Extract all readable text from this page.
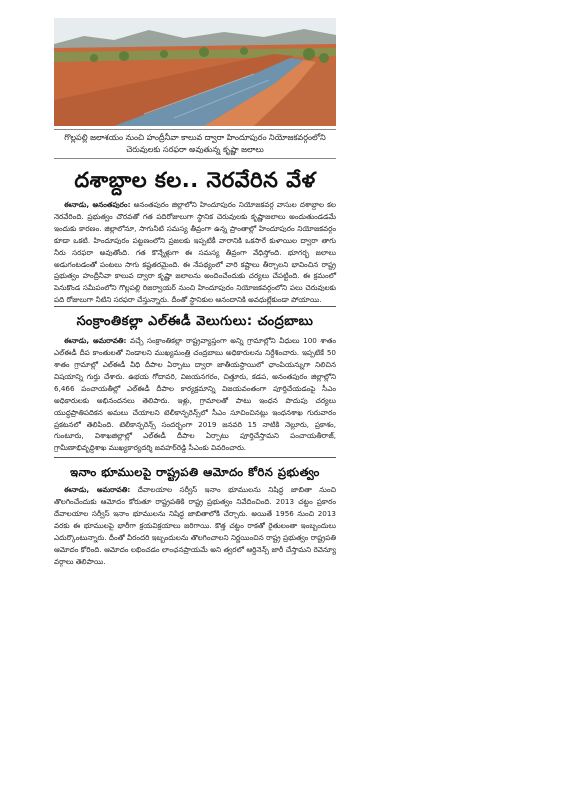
గొల్లపల్లి జలాశయం నుంచి హంద్రీనీవా కాలువ ద్వారా హిందూపురం నియోజకవర్గంలోని చెరువులకు సరఫరా అవుతున్న కృష్ణా జలాలు
దశాబ్దాల కల.. నెరవేరిన వేళ
ఈనాడు, అనంతపురం: అనంతపురం జిల్లాలోని హిందూపురం నియోజకవర్గ వాసుల దశాబ్దాల కల నెరవేరింది. ప్రభుత్వం చొరవతో గత పదిరోజులుగా స్థానిక చెరువులకు కృష్ణాజలాలు అందుతుండడమే ఇందుకు కారణం. జిల్లాలోనూ, సాగునీటి సమస్య తీవ్రంగా ఉన్న ప్రాంతాల్లో హిందూపురం నియోజకవర్గం కూడా ఒకటి. హిందూపురం పట్టణంలోని ప్రజలకు ఇప్పటికీ వారానికి ఒకసారే కుళాయిల ద్వారా తాగు నీరు సరఫరా అవుతోంది. గత కొన్నేళ్లుగా ఈ సమస్య తీవ్రంగా వేధిస్తోంది. భూగర్భ జలాలు అడుగంటడంతో పంటలు సాగు కష్టతరమైంది. ఈ నేపథ్యంలో వారి కష్టాలు తీర్చాలని భావించిన రాష్ట్ర ప్రభుత్వం హంద్రీనీవా కాలువ ద్వారా కృష్ణా జలాలను అందించేందుకు చర్యలు చేపట్టింది. ఈ క్రమంలో పెనుకొండ సమీపంలోని గొల్లపల్లి రిజర్వాయర్ నుంచి హిందూపురం నియోజకవర్గంలోని పలు చెరువులకు పది రోజులుగా నీటిని సరఫరా చేస్తున్నారు. దీంతో స్థానికుల ఆనందానికి అవధుల్లేకుండా పోయాయి.
సంక్రాంతికల్లా ఎల్‌ఈడీ వెలుగులు: చంద్రబాబు
ఈనాడు, అమరావతి: వచ్చే సంక్రాంతికల్లా రాష్ట్రవ్యాప్తంగా అన్ని గ్రామాల్లోని వీధులు 100 శాతం ఎల్‌ఈడీ దీప కాంతులతో నిండాలని ముఖ్యమంత్రి చంద్రబాబు అధికారులను నిర్దేశించారు. ఇప్పటికే 50 శాతం గ్రామాల్లో ఎల్‌ఈడీ వీధి దీపాల ఏర్పాటు ద్వారా జాతీయస్థాయిలో ఛాంపియన్నుగా నిలిచిన విషయాన్ని గుర్తు చేశారు. ఉభయ గోదావరి, విజయనగరం, చిత్తూరు, కడప, అనంతపురం జిల్లాల్లోని 6,466 పంచాయతీల్లో ఎల్‌ఈడీ దీపాల కార్యక్రమాన్ని విజయవంతంగా పూర్తిచేయడంపై సీఎం అధికారులకు అభినందనలు తెలిపారు. ఇళ్లు, గ్రామాలతో పాటు ఇంధన పొదుపు చర్యలు యుద్ధప్రాతిపదికన అమలు చేయాలని టెలీకాన్ఫరెన్స్‌లో సీఎం సూచించినట్లు ఇంధనశాఖ గురువారం ప్రకటనలో తెలిపింది. టెలీకాన్ఫరెన్స్ సందర్భంగా 2019 జనవరి 15 నాటికి నెల్లూరు, ప్రకాశం, గుంటూరు, విశాఖజిల్లాల్లో ఎల్‌ఈడీ దీపాల ఏర్పాటు పూర్తిచేస్తామని పంచాయతీరాజ్, గ్రామీణాభివృద్ధిశాఖ ముఖ్యకార్యదర్శి జవహర్‌రెడ్డి సీఎంకు వివరించారు.
ఇనాం భూములపై రాష్ట్రపతి ఆమోదం కోరిన ప్రభుత్వం
ఈనాడు, అమరావతి: దేవాలయాల సర్వీస్ ఇనాం భూములను నిషిద్ధ జాబితా నుంచి తొలగించేందుకు ఆమోదం కోరుతూ రాష్ట్రపతికి రాష్ట్ర ప్రభుత్వం నివేదించింది. 2013 చట్టం ప్రకారం దేవాలయాల సర్వీస్ ఇనాం భూములను నిషిద్ధ జాబితాలోకి చేర్చారు. అయితే 1956 నుంచి 2013 వరకు ఈ భూములపై భారీగా క్రయవిక్రయాలు జరిగాయి. కొత్త చట్టం రాకతో రైతులంతా ఇంబ్బందులు ఎదుర్కొంటున్నారు. దీంతో వీరందరి ఇబ్బందులను తొలగించాలని నిర్ణయించిన రాష్ట్ర ప్రభుత్వం రాష్ట్రపతి ఆమోదం కోరింది. ఆమోదం లభించడం లాంఛనప్రాయమే అని త్వరలో ఆర్డినెన్స్ జారీ చేస్తామని రెవెన్యూ వర్గాలు తెలిపాయి.
